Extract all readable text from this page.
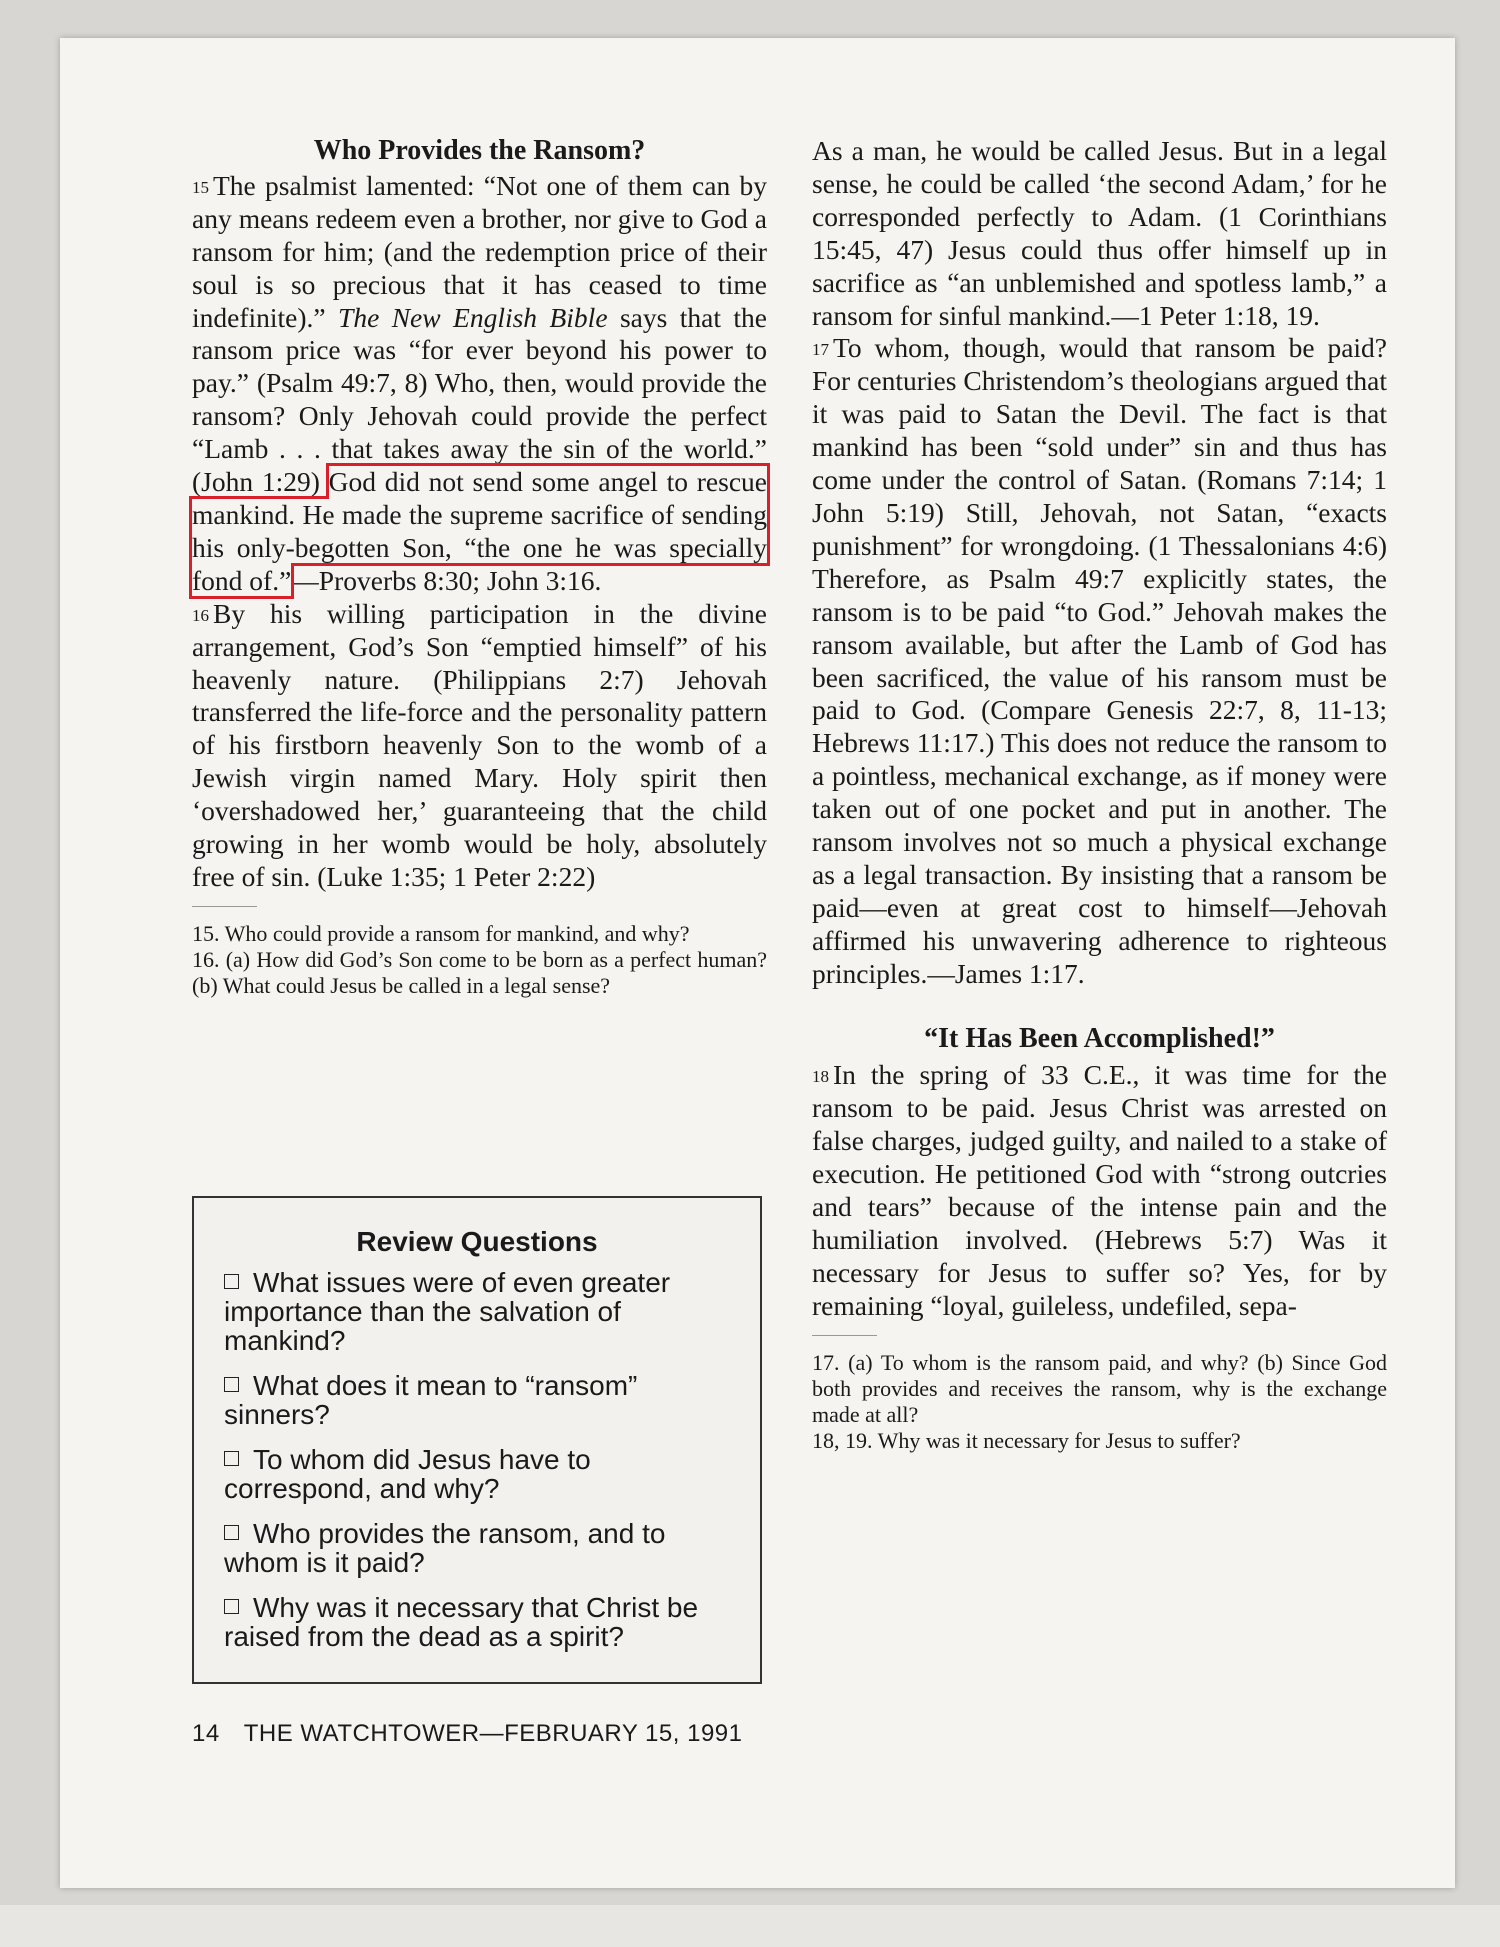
Who Provides the Ransom?

$^{15}$ The psalmist lamented: “Not one of them can by any means redeem even a brother, nor give to God a ransom for him; (and the redemption price of their soul is so precious that it has ceased to time indefinite).” The New English Bible says that the ransom price was “for ever beyond his power to pay.” (Psalm 49:7, 8) Who, then, would provide the ransom? Only Jehovah could provide the perfect “Lamb . . . that takes away the sin of the world.” (John 1:29) God did not send some angel to rescue mankind. He made the supreme sacrifice of sending his only-begotten Son, “the one he was specially fond of.”—Proverbs 8:30; John 3:16.

$^{16}$ By his willing participation in the divine arrangement, God’s Son “emptied himself” of his heavenly nature. (Philippians 2:7) Jehovah transferred the life-force and the personality pattern of his firstborn heavenly Son to the womb of a Jewish virgin named Mary. Holy spirit then ‘overshadowed her,’ guaranteeing that the child growing in her womb would be holy, absolutely free of sin. (Luke 1:35; 1 Peter 2:22)

15. Who could provide a ransom for mankind, and why?

16. (a) How did God’s Son come to be born as a perfect human? (b) What could Jesus be called in a legal sense?

Review Questions
What issues were of even greater importance than the salvation of mankind?
What does it mean to “ransom” sinners?
To whom did Jesus have to correspond, and why?
Who provides the ransom, and to whom is it paid?
Why was it necessary that Christ be raised from the dead as a spirit?

As a man, he would be called Jesus. But in a legal sense, he could be called ‘the second Adam,’ for he corresponded perfectly to Adam. (1 Corinthians 15:45, 47) Jesus could thus offer himself up in sacrifice as “an unblemished and spotless lamb,” a ransom for sinful mankind.—1 Peter 1:18, 19.

$^{17}$ To whom, though, would that ransom be paid? For centuries Christendom’s theologians argued that it was paid to Satan the Devil. The fact is that mankind has been “sold under” sin and thus has come under the control of Satan. (Romans 7:14; 1 John 5:19) Still, Jehovah, not Satan, “exacts punishment” for wrongdoing. (1 Thessalonians 4:6) Therefore, as Psalm 49:7 explicitly states, the ransom is to be paid “to God.” Jehovah makes the ransom available, but after the Lamb of God has been sacrificed, the value of his ransom must be paid to God. (Compare Genesis 22:7, 8, 11-13; Hebrews 11:17.) This does not reduce the ransom to a pointless, mechanical exchange, as if money were taken out of one pocket and put in another. The ransom involves not so much a physical exchange as a legal transaction. By insisting that a ransom be paid—even at great cost to himself—Jehovah affirmed his unwavering adherence to righteous principles.—James 1:17.

“It Has Been Accomplished!”

$^{18}$ In the spring of 33 C.E., it was time for the ransom to be paid. Jesus Christ was arrested on false charges, judged guilty, and nailed to a stake of execution. He petitioned God with “strong outcries and tears” because of the intense pain and the humiliation involved. (Hebrews 5:7) Was it necessary for Jesus to suffer so? Yes, for by remaining “loyal, guileless, undefiled, sepa-

17. (a) To whom is the ransom paid, and why? (b) Since God both provides and receives the ransom, why is the exchange made at all?

18, 19. Why was it necessary for Jesus to suffer?

14 THE WATCHTOWER—FEBRUARY 15, 1991
